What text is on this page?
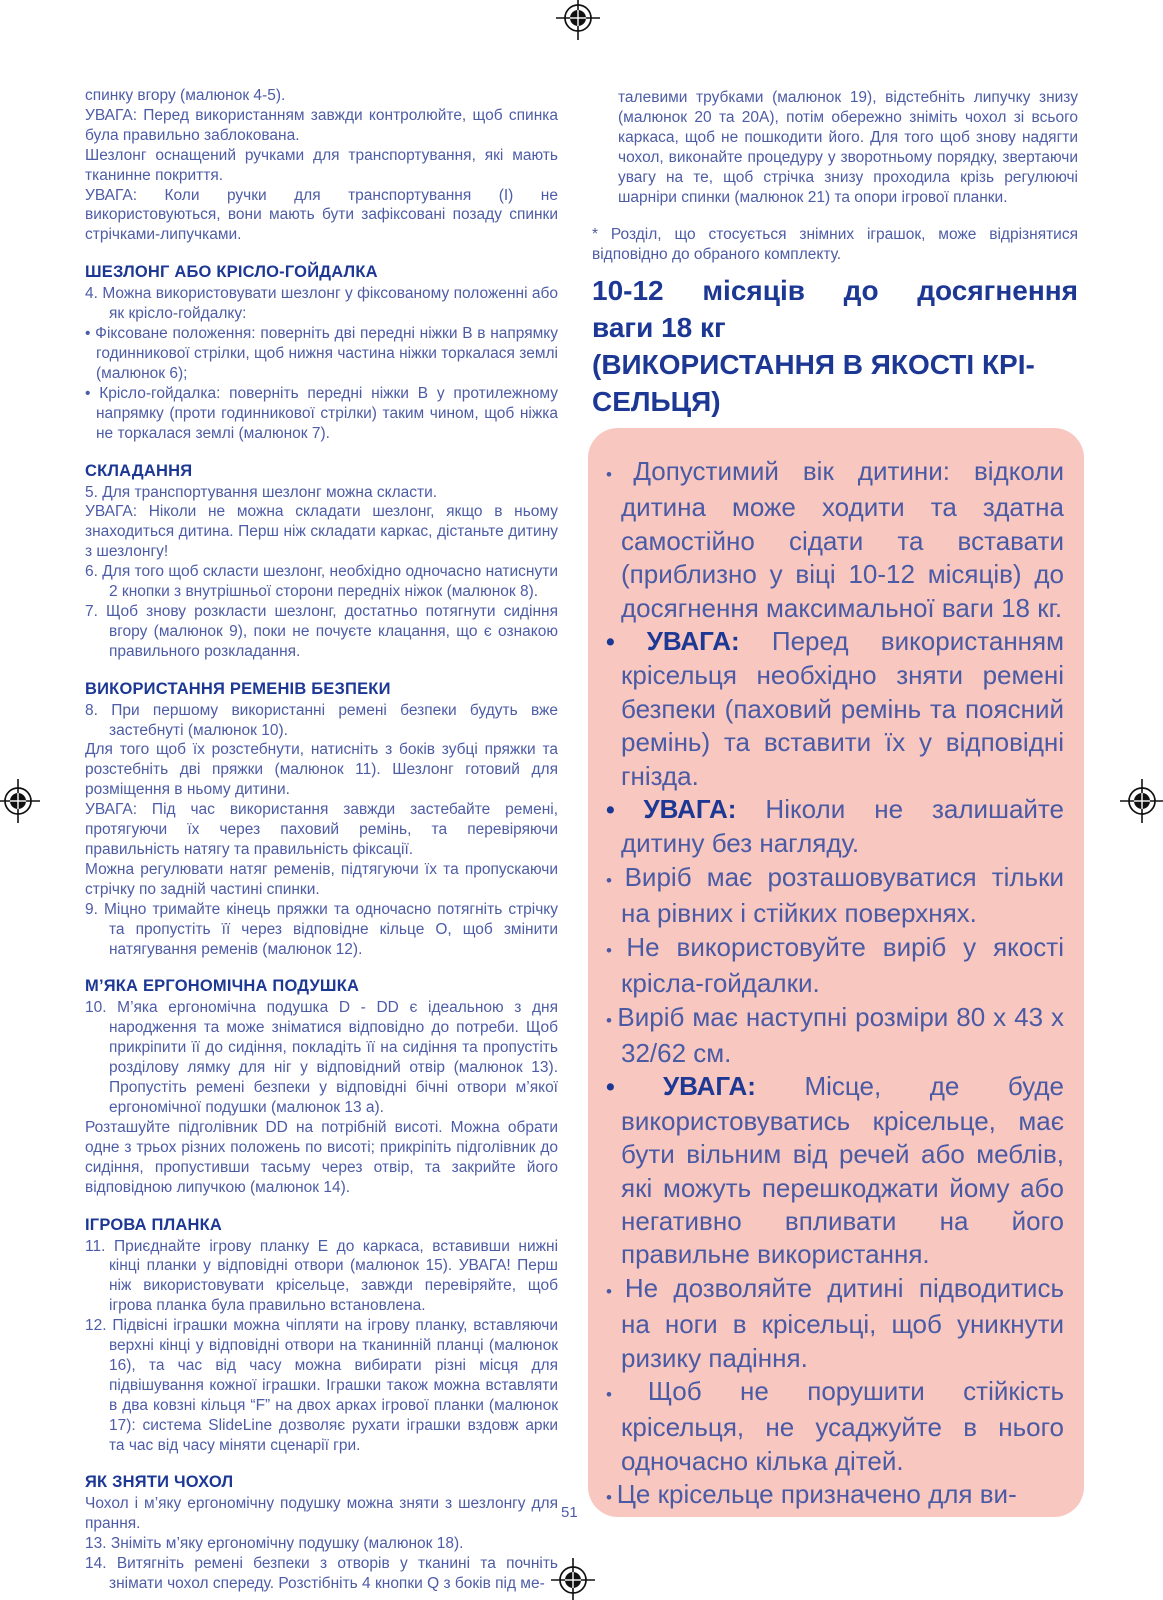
спинку вгору (малюнок 4-5).
УВАГА: Перед використанням завжди контролюйте, щоб спинка була правильно заблокована.
Шезлонг оснащений ручками для транспортування, які мають тканинне покриття.
УВАГА: Коли ручки для транспортування (I) не використовуються, вони мають бути зафіксовані позаду спинки стрічками-липучками.
ШЕЗЛОНГ АБО КРІСЛО-ГОЙДАЛКА
4. Можна використовувати шезлонг у фіксованому положенні або як крісло-гойдалку:
• Фіксоване положення: поверніть дві передні ніжки B в напрямку годинникової стрілки, щоб нижня частина ніжки торкалася землі (малюнок 6);
• Крісло-гойдалка: поверніть передні ніжки B у протилежному напрямку (проти годинникової стрілки) таким чином, щоб ніжка не торкалася землі (малюнок 7).
СКЛАДАННЯ
5. Для транспортування шезлонг можна скласти.
УВАГА: Ніколи не можна складати шезлонг, якщо в ньому знаходиться дитина. Перш ніж складати каркас, дістаньте дитину з шезлонгу!
6. Для того щоб скласти шезлонг, необхідно одночасно натиснути 2 кнопки з внутрішньої сторони передніх ніжок (малюнок 8).
7. Щоб знову розкласти шезлонг, достатньо потягнути сидіння вгору (малюнок 9), поки не почуєте клацання, що є ознакою правильного розкладання.
ВИКОРИСТАННЯ РЕМЕНІВ БЕЗПЕКИ
8. При першому використанні ремені безпеки будуть вже застебнуті (малюнок 10).
Для того щоб їх розстебнути, натисніть з боків зубці пряжки та розстебніть дві пряжки (малюнок 11). Шезлонг готовий для розміщення в ньому дитини.
УВАГА: Під час використання завжди застебайте ремені, протягуючи їх через паховий ремінь, та перевіряючи правильність натягу та правильність фіксації.
Можна регулювати натяг ременів, підтягуючи їх та пропускаючи стрічку по задній частині спинки.
9. Міцно тримайте кінець пряжки та одночасно потягніть стрічку та пропустіть її через відповідне кільце O, щоб змінити натягування ременів (малюнок 12).
М’ЯКА ЕРГОНОМІЧНА ПОДУШКА
10. М’яка ергономічна подушка D - DD є ідеальною з дня народження та може зніматися відповідно до потреби. Щоб прикріпити її до сидіння, покладіть її на сидіння та пропустіть розділову лямку для ніг у відповідний отвір (малюнок 13). Пропустіть ремені безпеки у відповідні бічні отвори м’якої ергономічної подушки (малюнок 13 a).
Розташуйте підголівник DD на потрібній висоті. Можна обрати одне з трьох різних положень по висоті; прикріпіть підголівник до сидіння, пропустивши тасьму через отвір, та закрийте його відповідною липучкою (малюнок 14).
ІГРОВА ПЛАНКА
11. Приєднайте ігрову планку E до каркаса, вставивши нижні кінці планки у відповідні отвори (малюнок 15). УВАГА! Перш ніж використовувати крісельце, завжди перевіряйте, щоб ігрова планка була правильно встановлена.
12. Підвісні іграшки можна чіпляти на ігрову планку, вставляючи верхні кінці у відповідні отвори на тканинній планці (малюнок 16), та час від часу можна вибирати різні місця для підвішування кожної іграшки. Іграшки також можна вставляти в два ковзні кільця “F” на двох арках ігрової планки (малюнок 17): система SlideLine дозволяє рухати іграшки вздовж арки та час від часу міняти сценарії гри.
ЯК ЗНЯТИ ЧОХОЛ
Чохол і м’яку ергономічну подушку можна зняти з шезлонгу для прання.
13. Зніміть м’яку ергономічну подушку (малюнок 18).
14. Витягніть ремені безпеки з отворів у тканині та почніть знімати чохол спереду. Розстібніть 4 кнопки Q з боків під ме-
талевими трубками (малюнок 19), відстебніть липучку знизу (малюнок 20 та 20A), потім обережно зніміть чохол зі всього каркаса, щоб не пошкодити його. Для того щоб знову надягти чохол, виконайте процедуру у зворотньому порядку, звертаючи увагу на те, щоб стрічка знизу проходила крізь регулюючі шарніри спинки (малюнок 21) та опори ігрової планки.
* Розділ, що стосується знімних іграшок, може відрізнятися відповідно до обраного комплекту.
10-12 місяців до досягнення
ваги 18 кг
(ВИКОРИСТАННЯ В ЯКОСТІ КРІ-
СЕЛЬЦЯ)
• Допустимий вік дитини: відколи дитина може ходити та здатна самостійно сідати та вставати (приблизно у віці 10-12 місяців) до досягнення максимальної ваги 18 кг.
• УВАГА: Перед використанням крісельця необхідно зняти ремені безпеки (паховий ремінь та поясний ремінь) та вставити їх у відповідні гнізда.
• УВАГА: Ніколи не залишайте дитину без нагляду.
• Виріб має розташовуватися тільки на рівних і стійких поверхнях.
• Не використовуйте виріб у якості крісла-гойдалки.
• Виріб має наступні розміри 80 x 43 x 32/62 см.
• УВАГА: Місце, де буде використовуватись крісельце, має бути вільним від речей або меблів, які можуть перешкоджати йому або негативно впливати на його правильне використання.
• Не дозволяйте дитині підводитись на ноги в крісельці, щоб уникнути ризику падіння.
• Щоб не порушити стійкість крісельця, не усаджуйте в нього одночасно кілька дітей.
• Це крісельце призначено для ви-
51
